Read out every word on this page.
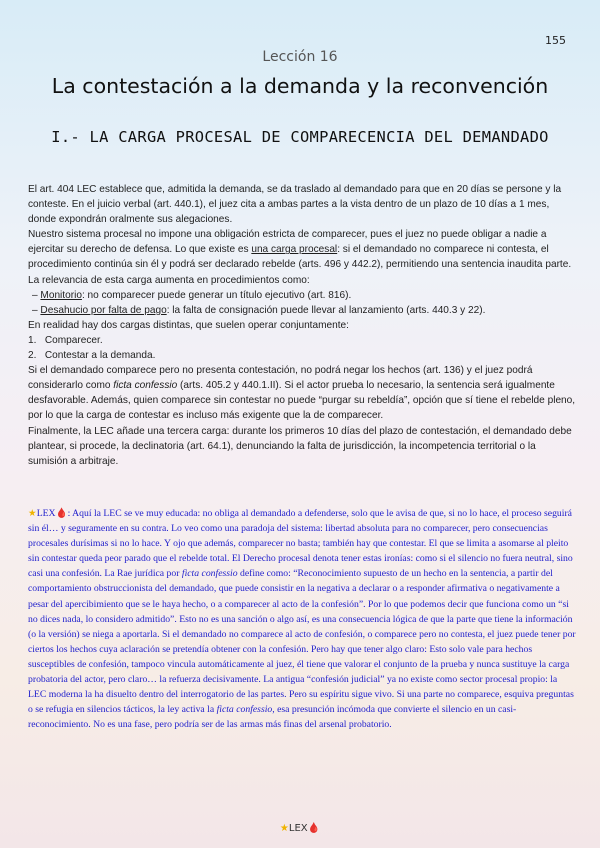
155
Lección 16
La contestación a la demanda y la reconvención
I.- LA CARGA PROCESAL DE COMPARECENCIA DEL DEMANDADO

El art. 404 LEC establece que, admitida la demanda, se da traslado al demandado para que en 20 días se persone y la conteste. En el juicio verbal (art. 440.1), el juez cita a ambas partes a la vista dentro de un plazo de 10 días a 1 mes, donde expondrán oralmente sus alegaciones.

Nuestro sistema procesal no impone una obligación estricta de comparecer, pues el juez no puede obligar a nadie a ejercitar su derecho de defensa. Lo que existe es una carga procesal: si el demandado no comparece ni contesta, el procedimiento continúa sin él y podrá ser declarado rebelde (arts. 496 y 442.2), permitiendo una sentencia inaudita parte.

La relevancia de esta carga aumenta en procedimientos como:

– Monitorio: no comparecer puede generar un título ejecutivo (art. 816).
– Desahucio por falta de pago: la falta de consignación puede llevar al lanzamiento (arts. 440.3 y 22).

En realidad hay dos cargas distintas, que suelen operar conjuntamente:

1.   Comparecer.
2.   Contestar a la demanda.

Si el demandado comparece pero no presenta contestación, no podrá negar los hechos (art. 136) y el juez podrá considerarlo como ficta confessio (arts. 405.2 y 440.1.II). Si el actor prueba lo necesario, la sentencia será igualmente desfavorable. Además, quien comparece sin contestar no puede “purgar su rebeldía”, opción que sí tiene el rebelde pleno, por lo que la carga de contestar es incluso más exigente que la de comparecer.

Finalmente, la LEC añade una tercera carga: durante los primeros 10 días del plazo de contestación, el demandado debe plantear, si procede, la declinatoria (art. 64.1), denunciando la falta de jurisdicción, la incompetencia territorial o la sumisión a arbitraje.

★LEX🩸: Aquí la LEC se ve muy educada: no obliga al demandado a defenderse, solo que le avisa de que, si no lo hace, el proceso seguirá sin él… y seguramente en su contra. Lo veo como una paradoja del sistema: libertad absoluta para no comparecer, pero consecuencias procesales durísimas si no lo hace. Y ojo que además, comparecer no basta; también hay que contestar. El que se limita a asomarse al pleito sin contestar queda peor parado que el rebelde total. El Derecho procesal denota tener estas ironías: como si el silencio no fuera neutral, sino casi una confesión. La Rae jurídica por ficta confessio define como: “Reconocimiento supuesto de un hecho en la sentencia, a partir del comportamiento obstruccionista del demandado, que puede consistir en la negativa a declarar o a responder afirmativa o negativamente a pesar del apercibimiento que se le haya hecho, o a comparecer al acto de la confesión”. Por lo que podemos decir que funciona como un “si no dices nada, lo considero admitido”. Esto no es una sanción o algo así, es una consecuencia lógica de que la parte que tiene la información (o la versión) se niega a aportarla. Si el demandado no comparece al acto de confesión, o comparece pero no contesta, el juez puede tener por ciertos los hechos cuya aclaración se pretendía obtener con la confesión. Pero hay que tener algo claro: Esto solo vale para hechos susceptibles de confesión, tampoco vincula automáticamente al juez, él tiene que valorar el conjunto de la prueba y nunca sustituye la carga probatoria del actor, pero claro… la refuerza decisivamente. La antigua “confesión judicial” ya no existe como sector procesal propio: la LEC moderna la ha disuelto dentro del interrogatorio de las partes. Pero su espíritu sigue vivo. Si una parte no comparece, esquiva preguntas o se refugia en silencios tácticos, la ley activa la ficta confessio, esa presunción incómoda que convierte el silencio en un casi-reconocimiento. No es una fase, pero podría ser de las armas más finas del arsenal probatorio.

★LEX🩸
